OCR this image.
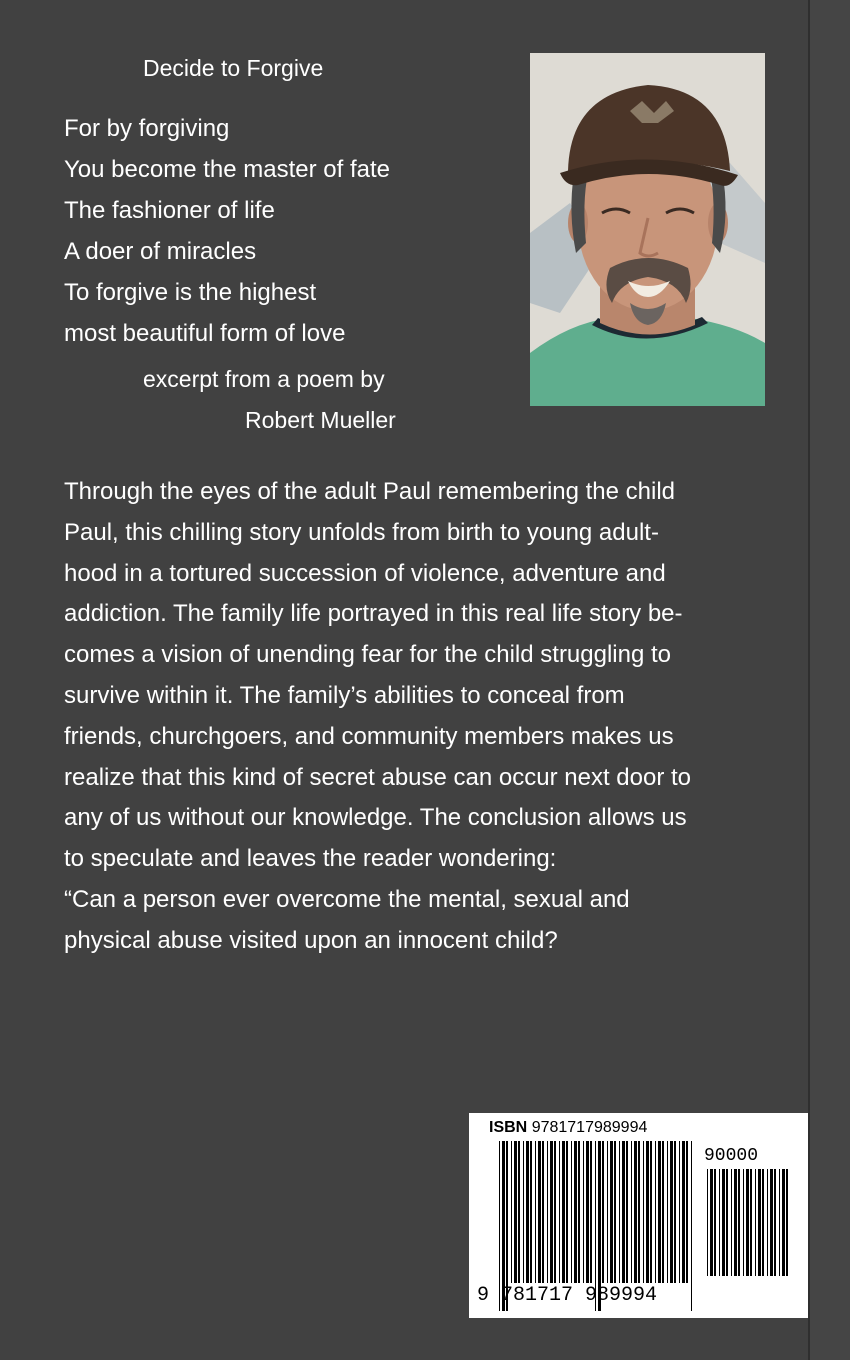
Decide to Forgive
For by forgiving
You become the master of fate
The fashioner of life
A doer of miracles
To forgive is the highest
most beautiful form of love
excerpt from a poem by
Robert Mueller
Through the eyes of the adult Paul remembering the child
Paul, this chilling story unfolds from birth to young adult-
hood in a tortured succession of violence, adventure and
addiction. The family life portrayed in this real life story be-
comes a vision of unending fear for the child struggling to
survive within it. The family’s abilities to conceal from
friends, churchgoers, and community members makes us
realize that this kind of secret abuse can occur next door to
any of us without our knowledge. The conclusion allows us
to speculate and leaves the reader wondering:
“Can a person ever overcome the mental, sexual and
physical abuse visited upon an innocent child?
ISBN 9781717989994
90000
9 781717 989994
